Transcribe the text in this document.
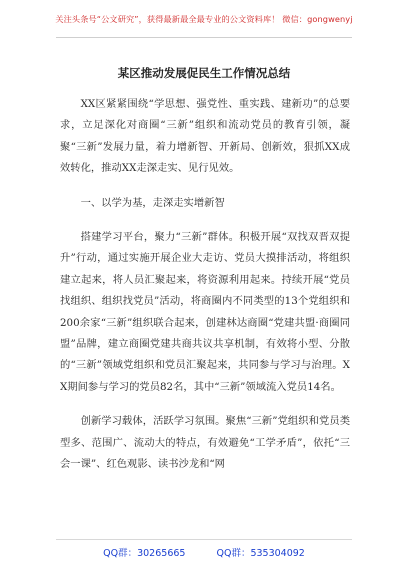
关注头条号“公文研究”，获得最新最全最专业的公文资料库！ 微信：gongwenyj
某区推动发展促民生工作情况总结

XX区紧紧围绕“学思想、强党性、重实践、建新功”的总要求，立足深化对商圈“三新”组织和流动党员的教育引领，凝聚“三新”发展力量，着力增新智、开新局、创新效，狠抓XX成效转化，推动XX走深走实、见行见效。

一、以学为基，走深走实增新智

搭建学习平台，聚力“三新”群体。积极开展“双找双晋双提升”行动，通过实施开展企业大走访、党员大摸排活动，将组织建立起来，将人员汇聚起来，将资源利用起来。持续开展“党员找组织、组织找党员”活动，将商圈内不同类型的13个党组织和200余家“三新”组织联合起来，创建林达商圈“党建共盟·商圈同盟”品牌，建立商圈党建共商共议共享机制，有效将小型、分散的“三新”领域党组织和党员汇聚起来，共同参与学习与治理。XX期间参与学习的党员82名，其中“三新”领域流入党员14名。

创新学习载体，活跃学习氛围。聚焦“三新”党组织和党员类型多、范围广、流动大的特点，有效避免“工学矛盾”，依托“三会一课”、红色观影、读书沙龙和“网

QQ群：30265665	QQ群：535304092
